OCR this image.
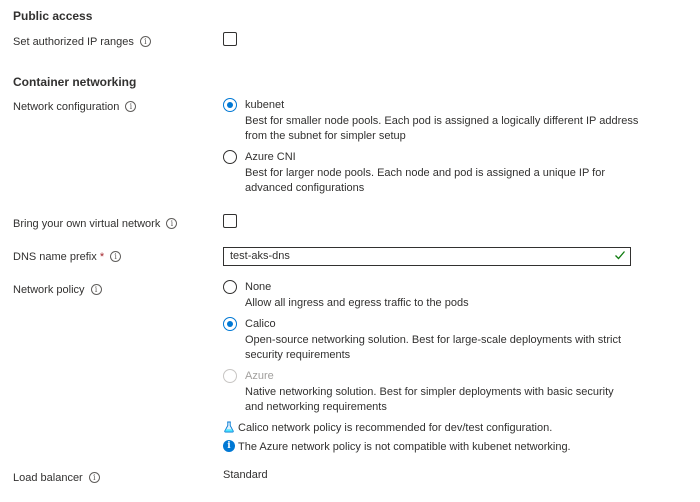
Public access
Set authorized IP ranges i
Container networking
Network configuration i	kubenet
Best for smaller node pools. Each pod is assigned a logically different IP address from the subnet for simpler setup
Azure CNI
Best for larger node pools. Each node and pod is assigned a unique IP for advanced configurations
Bring your own virtual network i
DNS name prefix * i	test-aks-dns
Network policy i	None
Allow all ingress and egress traffic to the pods
Calico
Open-source networking solution. Best for large-scale deployments with strict security requirements
Azure
Native networking solution. Best for simpler deployments with basic security and networking requirements
Calico network policy is recommended for dev/test configuration.
i The Azure network policy is not compatible with kubenet networking.
Load balancer i	Standard
